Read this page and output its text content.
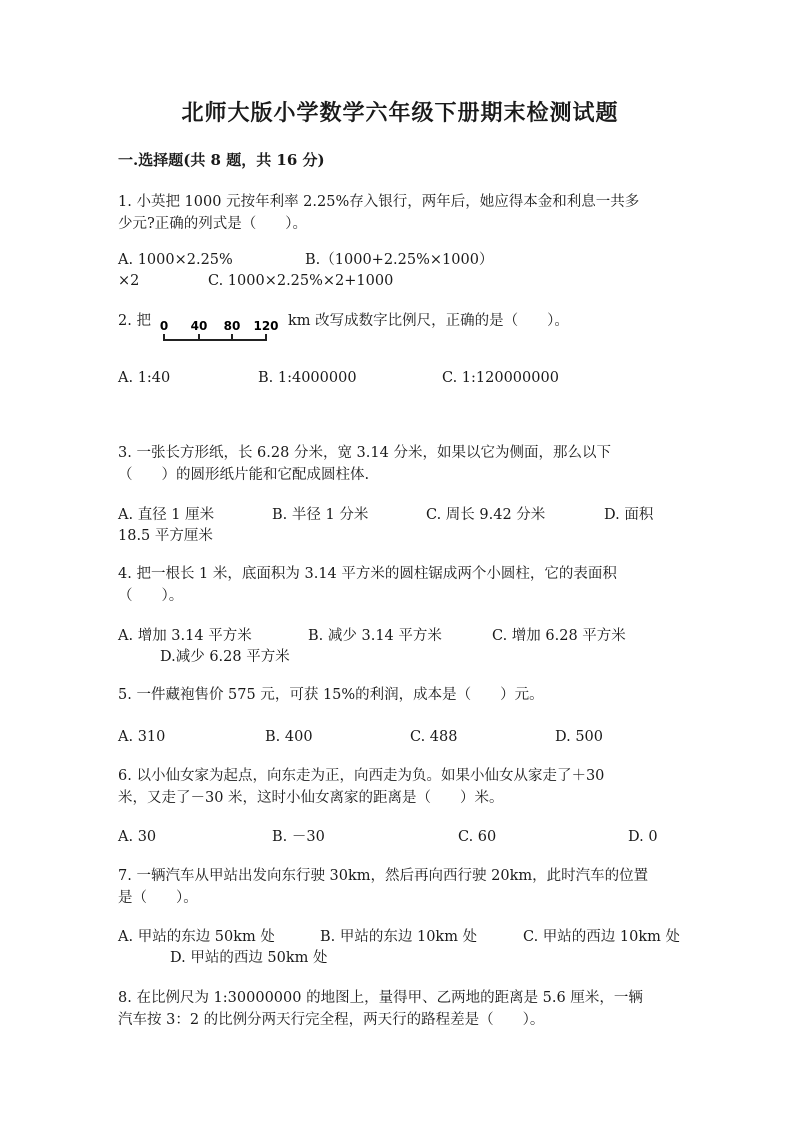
北师大版小学数学六年级下册期末检测试题
一.选择题(共 8 题，共 16 分)
1. 小英把 1000 元按年利率 2.25%存入银行，两年后，她应得本金和利息一共多
少元?正确的列式是（　　）。
A. 1000×2.25%	B.（1000+2.25%×1000）
×2	C. 1000×2.25%×2+1000
2. 把 0 40 80 120 km 改写成数字比例尺，正确的是（　　）。
A. 1:40	B. 1:4000000	C. 1:120000000
3. 一张长方形纸，长 6.28 分米，宽 3.14 分米，如果以它为侧面，那么以下
（　　）的圆形纸片能和它配成圆柱体.
A. 直径 1 厘米	B. 半径 1 分米	C. 周长 9.42 分米	D. 面积
18.5 平方厘米
4. 把一根长 1 米，底面积为 3.14 平方米的圆柱锯成两个小圆柱，它的表面积
（　　）。
A. 增加 3.14 平方米	B. 减少 3.14 平方米	C. 增加 6.28 平方米
D.减少 6.28 平方米
5. 一件藏袍售价 575 元，可获 15%的利润，成本是（　　）元。
A. 310	B. 400	C. 488	D. 500
6. 以小仙女家为起点，向东走为正，向西走为负。如果小仙女从家走了＋30
米，又走了－30 米，这时小仙女离家的距离是（　　）米。
A. 30	B. －30	C. 60	D. 0
7. 一辆汽车从甲站出发向东行驶 30km，然后再向西行驶 20km，此时汽车的位置
是（　　）。
A. 甲站的东边 50km 处	B. 甲站的东边 10km 处	C. 甲站的西边 10km 处
D. 甲站的西边 50km 处
8. 在比例尺为 1:30000000 的地图上，量得甲、乙两地的距离是 5.6 厘米，一辆
汽车按 3：2 的比例分两天行完全程，两天行的路程差是（　　）。
